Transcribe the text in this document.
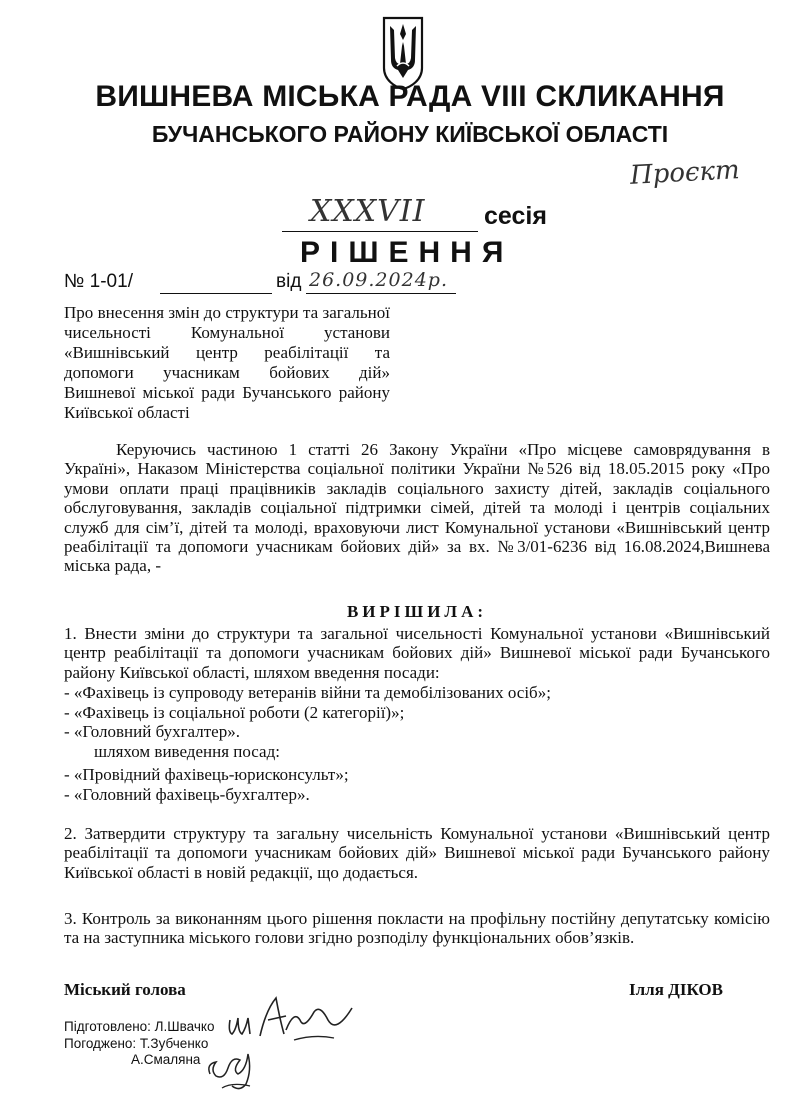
ВИШНЕВА МІСЬКА РАДА VIII СКЛИКАННЯ
БУЧАНСЬКОГО РАЙОНУ КИЇВСЬКОЇ ОБЛАСТІ
Проєкт
XXXVII сесія
РІШЕННЯ
№ 1-01/	від 26.09.2024р.
Про внесення змін до структури та загальної чисельності Комунальної установи «Вишнівський центр реабілітації та допомоги учасникам бойових дій» Вишневої міської ради Бучанського району Київської області
Керуючись частиною 1 статті 26 Закону України «Про місцеве самоврядування в Україні», Наказом Міністерства соціальної політики України №526 від 18.05.2015 року «Про умови оплати праці працівників закладів соціального захисту дітей, закладів соціального обслуговування, закладів соціальної підтримки сімей, дітей та молоді і центрів соціальних служб для сім’ї, дітей та молоді, враховуючи лист Комунальної установи «Вишнівський центр реабілітації та допомоги учасникам бойових дій» за вх. №3/01-6236 від 16.08.2024,Вишнева міська рада, -
ВИРІШИЛА:
1. Внести зміни до структури та загальної чисельності Комунальної установи «Вишнівський центр реабілітації та допомоги учасникам бойових дій» Вишневої міської ради Бучанського району Київської області, шляхом введення посади:
- «Фахівець із супроводу ветеранів війни та демобілізованих осіб»;
- «Фахівець із соціальної роботи (2 категорії)»;
- «Головний бухгалтер».
шляхом виведення посад:
- «Провідний фахівець-юрисконсульт»;
- «Головний фахівець-бухгалтер».
2. Затвердити структуру та загальну чисельність Комунальної установи «Вишнівський центр реабілітації та допомоги учасникам бойових дій» Вишневої міської ради Бучанського району Київської області в новій редакції, що додається.
3. Контроль за виконанням цього рішення покласти на профільну постійну депутатську комісію та на заступника міського голови згідно розподілу функціональних обов’язків.
Міський голова	Ілля ДІКОВ
Підготовлено: Л.Швачко
Погоджено: Т.Зубченко
А.Смаляна
